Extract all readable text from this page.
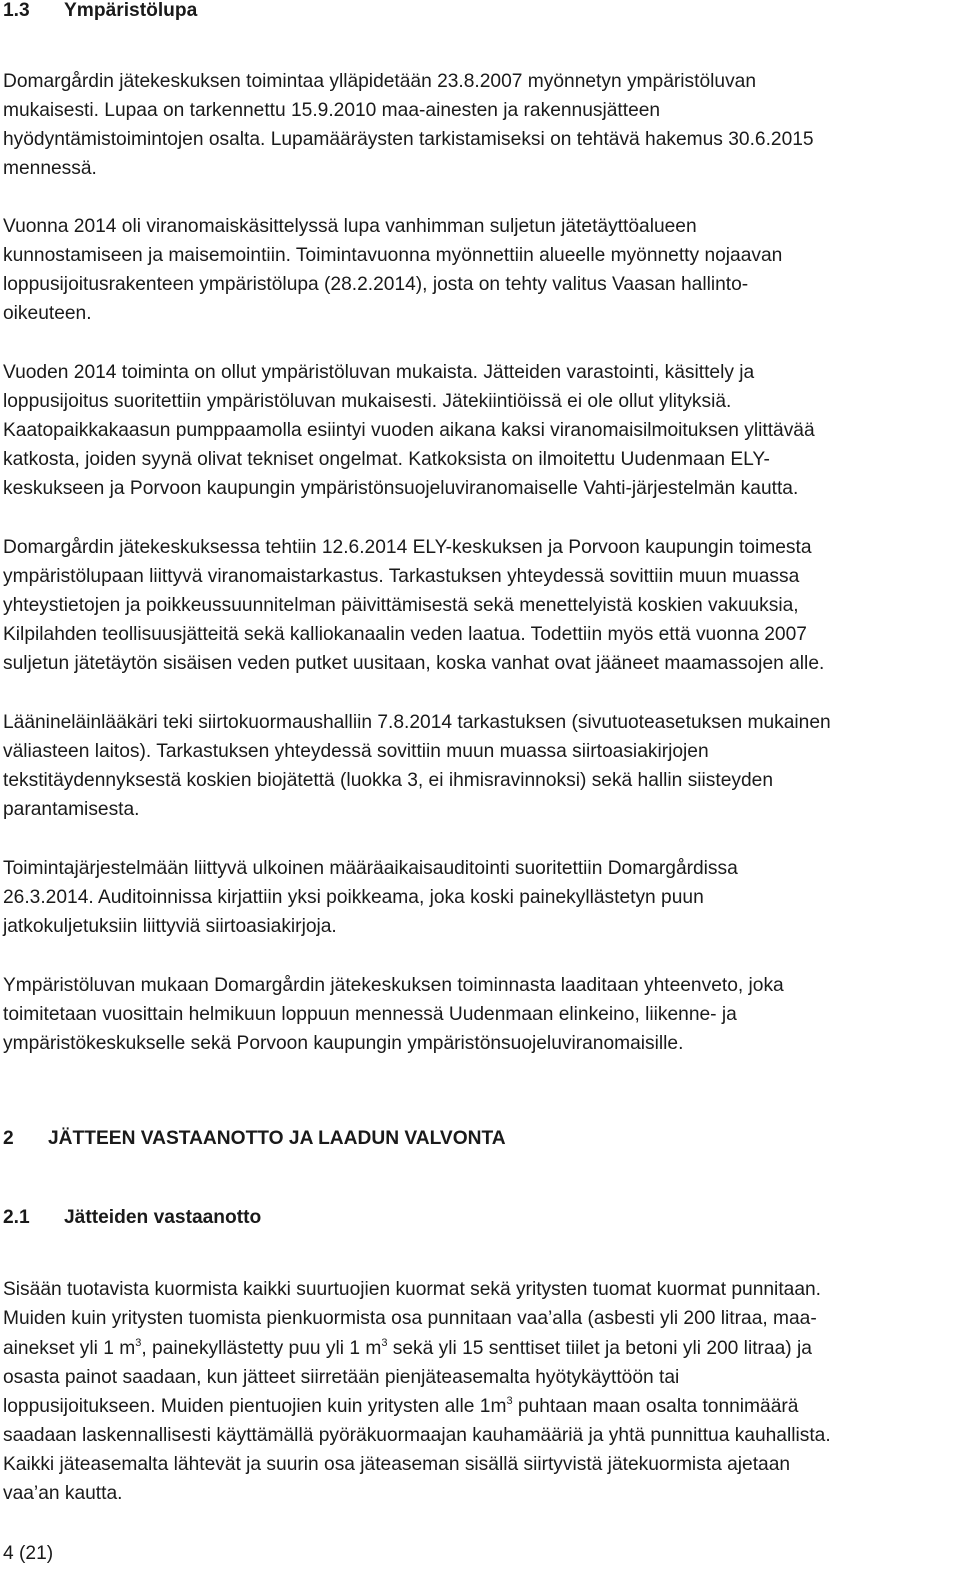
1.3 Ympäristölupa
Domargårdin jätekeskuksen toimintaa ylläpidetään 23.8.2007 myönnetyn ympäristöluvan
mukaisesti. Lupaa on tarkennettu 15.9.2010 maa-ainesten ja rakennusjätteen
hyödyntämistoimintojen osalta. Lupamääräysten tarkistamiseksi on tehtävä hakemus 30.6.2015
mennessä.
Vuonna 2014 oli viranomaiskäsittelyssä lupa vanhimman suljetun jätetäyttöalueen
kunnostamiseen ja maisemointiin. Toimintavuonna myönnettiin alueelle myönnetty nojaavan
loppusijoitusrakenteen ympäristölupa (28.2.2014), josta on tehty valitus Vaasan hallinto-
oikeuteen.
Vuoden 2014 toiminta on ollut ympäristöluvan mukaista. Jätteiden varastointi, käsittely ja
loppusijoitus suoritettiin ympäristöluvan mukaisesti. Jätekiintiöissä ei ole ollut ylityksiä.
Kaatopaikkakaasun pumppaamolla esiintyi vuoden aikana kaksi viranomaisilmoituksen ylittävää
katkosta, joiden syynä olivat tekniset ongelmat. Katkoksista on ilmoitettu Uudenmaan ELY-
keskukseen ja Porvoon kaupungin ympäristönsuojeluviranomaiselle Vahti-järjestelmän kautta.
Domargårdin jätekeskuksessa tehtiin 12.6.2014 ELY-keskuksen ja Porvoon kaupungin toimesta
ympäristölupaan liittyvä viranomaistarkastus. Tarkastuksen yhteydessä sovittiin muun muassa
yhteystietojen ja poikkeussuunnitelman päivittämisestä sekä menettelyistä koskien vakuuksia,
Kilpilahden teollisuusjätteitä sekä kalliokanaalin veden laatua. Todettiin myös että vuonna 2007
suljetun jätetäytön sisäisen veden putket uusitaan, koska vanhat ovat jääneet maamassojen alle.
Läänineläinlääkäri teki siirtokuormaushalliin 7.8.2014 tarkastuksen (sivutuoteasetuksen mukainen
väliasteen laitos). Tarkastuksen yhteydessä sovittiin muun muassa siirtoasiakirjojen
tekstitäydennyksestä koskien biojätettä (luokka 3, ei ihmisravinnoksi) sekä hallin siisteyden
parantamisesta.
Toimintajärjestelmään liittyvä ulkoinen määräaikaisauditointi suoritettiin Domargårdissa
26.3.2014. Auditoinnissa kirjattiin yksi poikkeama, joka koski painekyllästetyn puun
jatkokuljetuksiin liittyviä siirtoasiakirjoja.
Ympäristöluvan mukaan Domargårdin jätekeskuksen toiminnasta laaditaan yhteenveto, joka
toimitetaan vuosittain helmikuun loppuun mennessä Uudenmaan elinkeino, liikenne- ja
ympäristökeskukselle sekä Porvoon kaupungin ympäristönsuojeluviranomaisille.
2 JÄTTEEN VASTAANOTTO JA LAADUN VALVONTA
2.1 Jätteiden vastaanotto
Sisään tuotavista kuormista kaikki suurtuojien kuormat sekä yritysten tuomat kuormat punnitaan.
Muiden kuin yritysten tuomista pienkuormista osa punnitaan vaa’alla (asbesti yli 200 litraa, maa-
ainekset yli 1 $m^3$, painekyllästetty puu yli 1 $m^3$ sekä yli 15 senttiset tiilet ja betoni yli 200 litraa) ja
osasta painot saadaan, kun jätteet siirretään pienjäteasemalta hyötykäyttöön tai
loppusijoitukseen. Muiden pientuojien kuin yritysten alle $1m^3$ puhtaan maan osalta tonnimäärä
saadaan laskennallisesti käyttämällä pyöräkuormaajan kauhamääriä ja yhtä punnittua kauhallista.
Kaikki jäteasemalta lähtevät ja suurin osa jäteaseman sisällä siirtyvistä jätekuormista ajetaan
vaa’an kautta.
4 (21)
